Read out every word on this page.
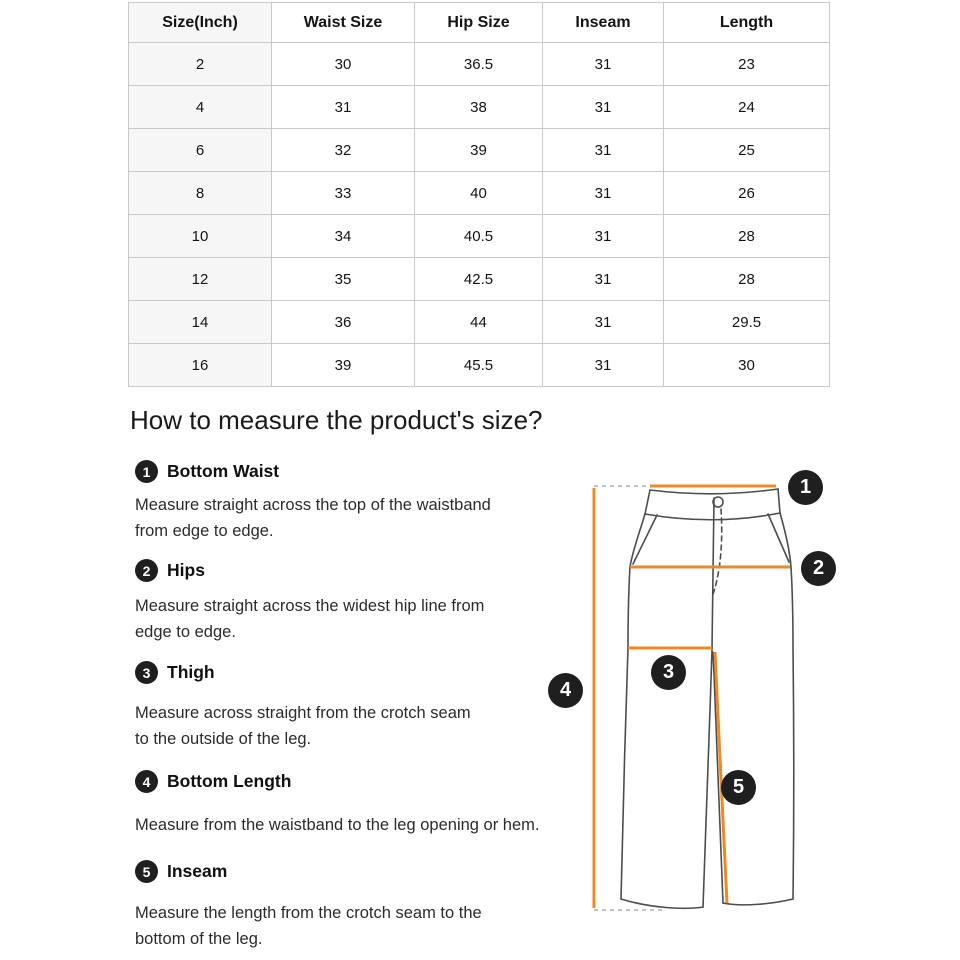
Size(Inch)	Waist Size	Hip Size	Inseam	Length
2	30	36.5	31	23
4	31	38	31	24
6	32	39	31	25
8	33	40	31	26
10	34	40.5	31	28
12	35	42.5	31	28
14	36	44	31	29.5
16	39	45.5	31	30
How to measure the product's size?
1 Bottom Waist
Measure straight across the top of the waistband
from edge to edge.
2 Hips
Measure straight across the widest hip line from
edge to edge.
3 Thigh
Measure across straight from the crotch seam
to the outside of the leg.
4 Bottom Length
Measure from the waistband to the leg opening or hem.
5 Inseam
Measure the length from the crotch seam to the
bottom of the leg.
1
2
3
4
5
